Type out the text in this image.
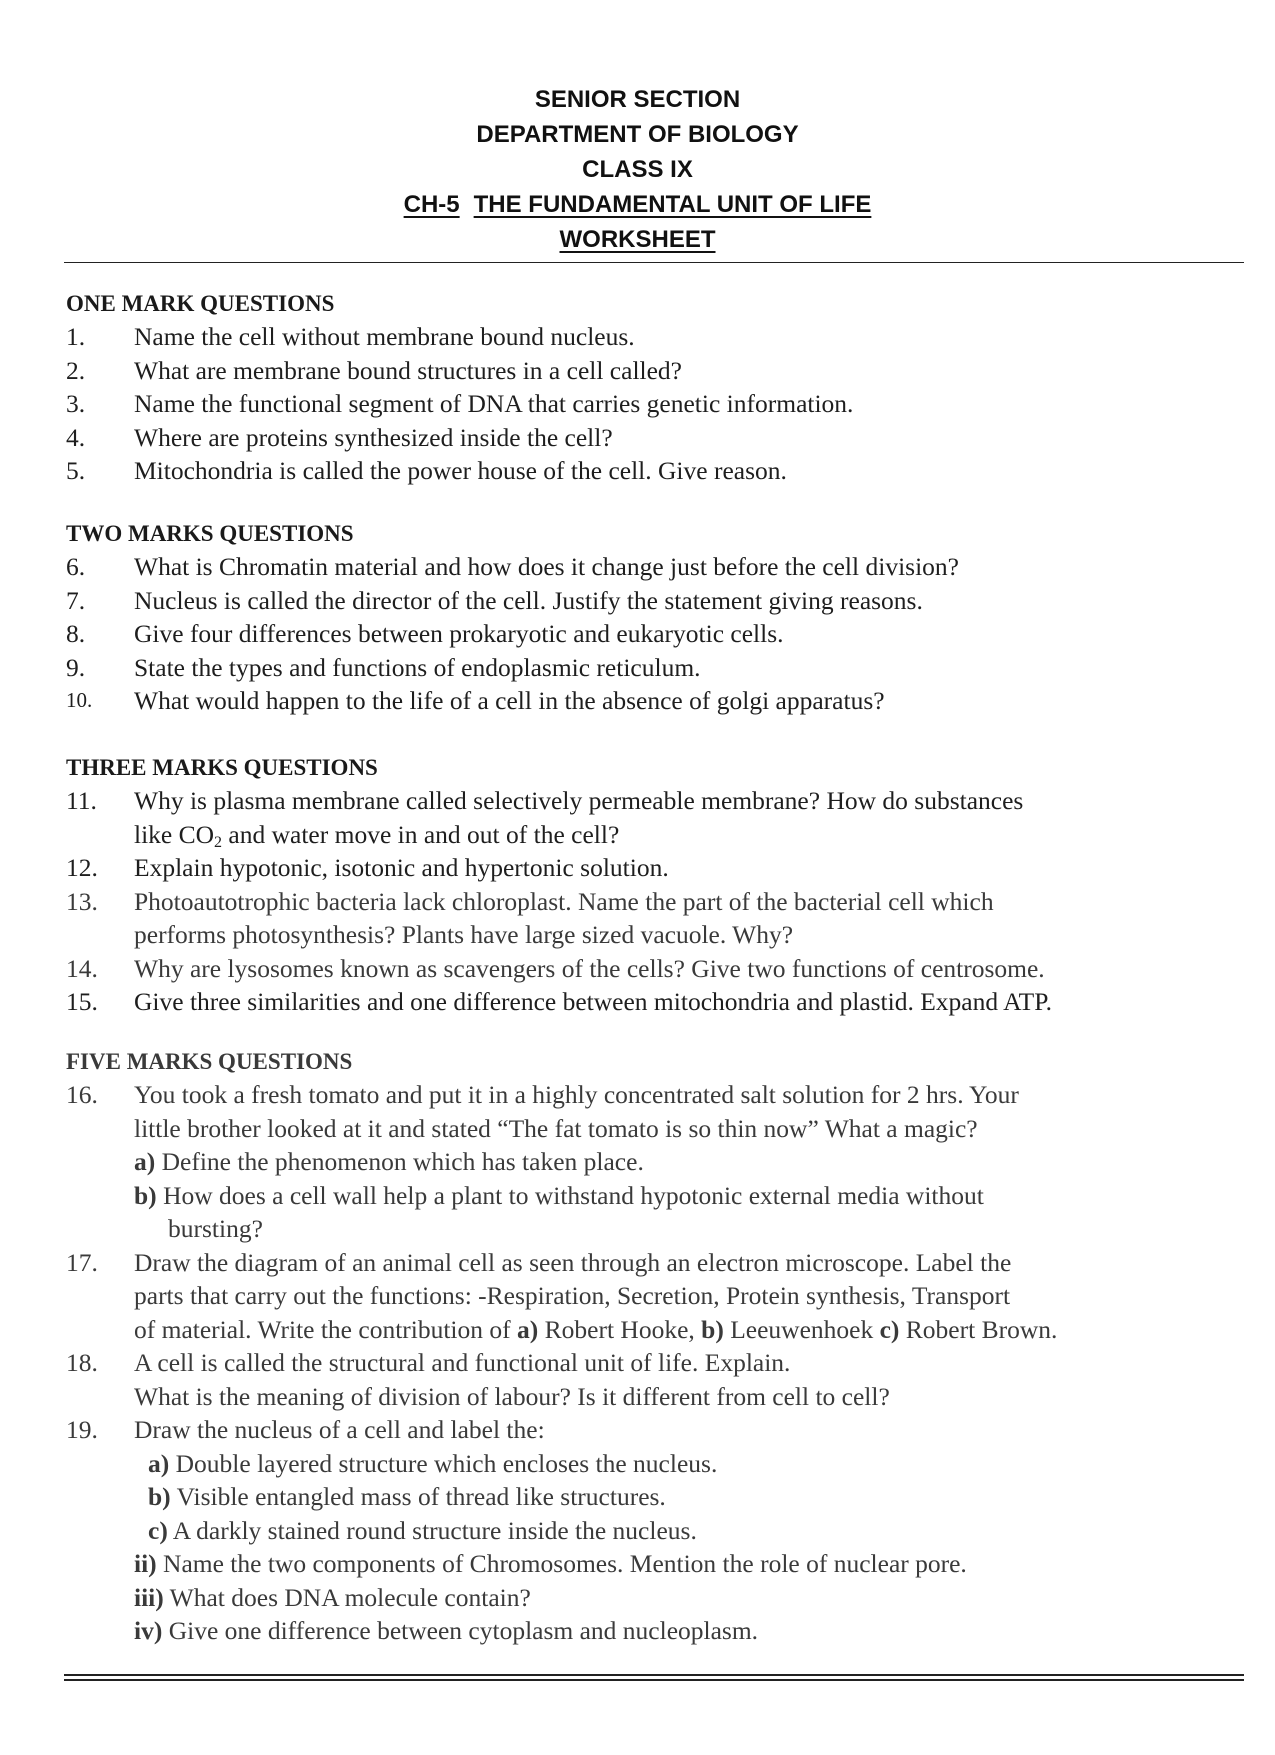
SENIOR SECTION
DEPARTMENT OF BIOLOGY
CLASS IX
CH-5 THE FUNDAMENTAL UNIT OF LIFE
WORKSHEET
ONE MARK QUESTIONS
1. Name the cell without membrane bound nucleus.
2. What are membrane bound structures in a cell called?
3. Name the functional segment of DNA that carries genetic information.
4. Where are proteins synthesized inside the cell?
5. Mitochondria is called the power house of the cell. Give reason.
TWO MARKS QUESTIONS
6. What is Chromatin material and how does it change just before the cell division?
7. Nucleus is called the director of the cell. Justify the statement giving reasons.
8. Give four differences between prokaryotic and eukaryotic cells.
9. State the types and functions of endoplasmic reticulum.
10. What would happen to the life of a cell in the absence of golgi apparatus?
THREE MARKS QUESTIONS
11. Why is plasma membrane called selectively permeable membrane? How do substances
like $CO_2$ and water move in and out of the cell?
12. Explain hypotonic, isotonic and hypertonic solution.
13. Photoautotrophic bacteria lack chloroplast. Name the part of the bacterial cell which
performs photosynthesis? Plants have large sized vacuole. Why?
14. Why are lysosomes known as scavengers of the cells? Give two functions of centrosome.
15. Give three similarities and one difference between mitochondria and plastid. Expand ATP.
FIVE MARKS QUESTIONS
16. You took a fresh tomato and put it in a highly concentrated salt solution for 2 hrs. Your
little brother looked at it and stated “The fat tomato is so thin now” What a magic?
a) Define the phenomenon which has taken place.
b) How does a cell wall help a plant to withstand hypotonic external media without
bursting?
17. Draw the diagram of an animal cell as seen through an electron microscope. Label the
parts that carry out the functions: -Respiration, Secretion, Protein synthesis, Transport
of material. Write the contribution of a) Robert Hooke, b) Leeuwenhoek c) Robert Brown.
18. A cell is called the structural and functional unit of life. Explain.
What is the meaning of division of labour? Is it different from cell to cell?
19. Draw the nucleus of a cell and label the:
a) Double layered structure which encloses the nucleus.
b) Visible entangled mass of thread like structures.
c) A darkly stained round structure inside the nucleus.
ii) Name the two components of Chromosomes. Mention the role of nuclear pore.
iii) What does DNA molecule contain?
iv) Give one difference between cytoplasm and nucleoplasm.
